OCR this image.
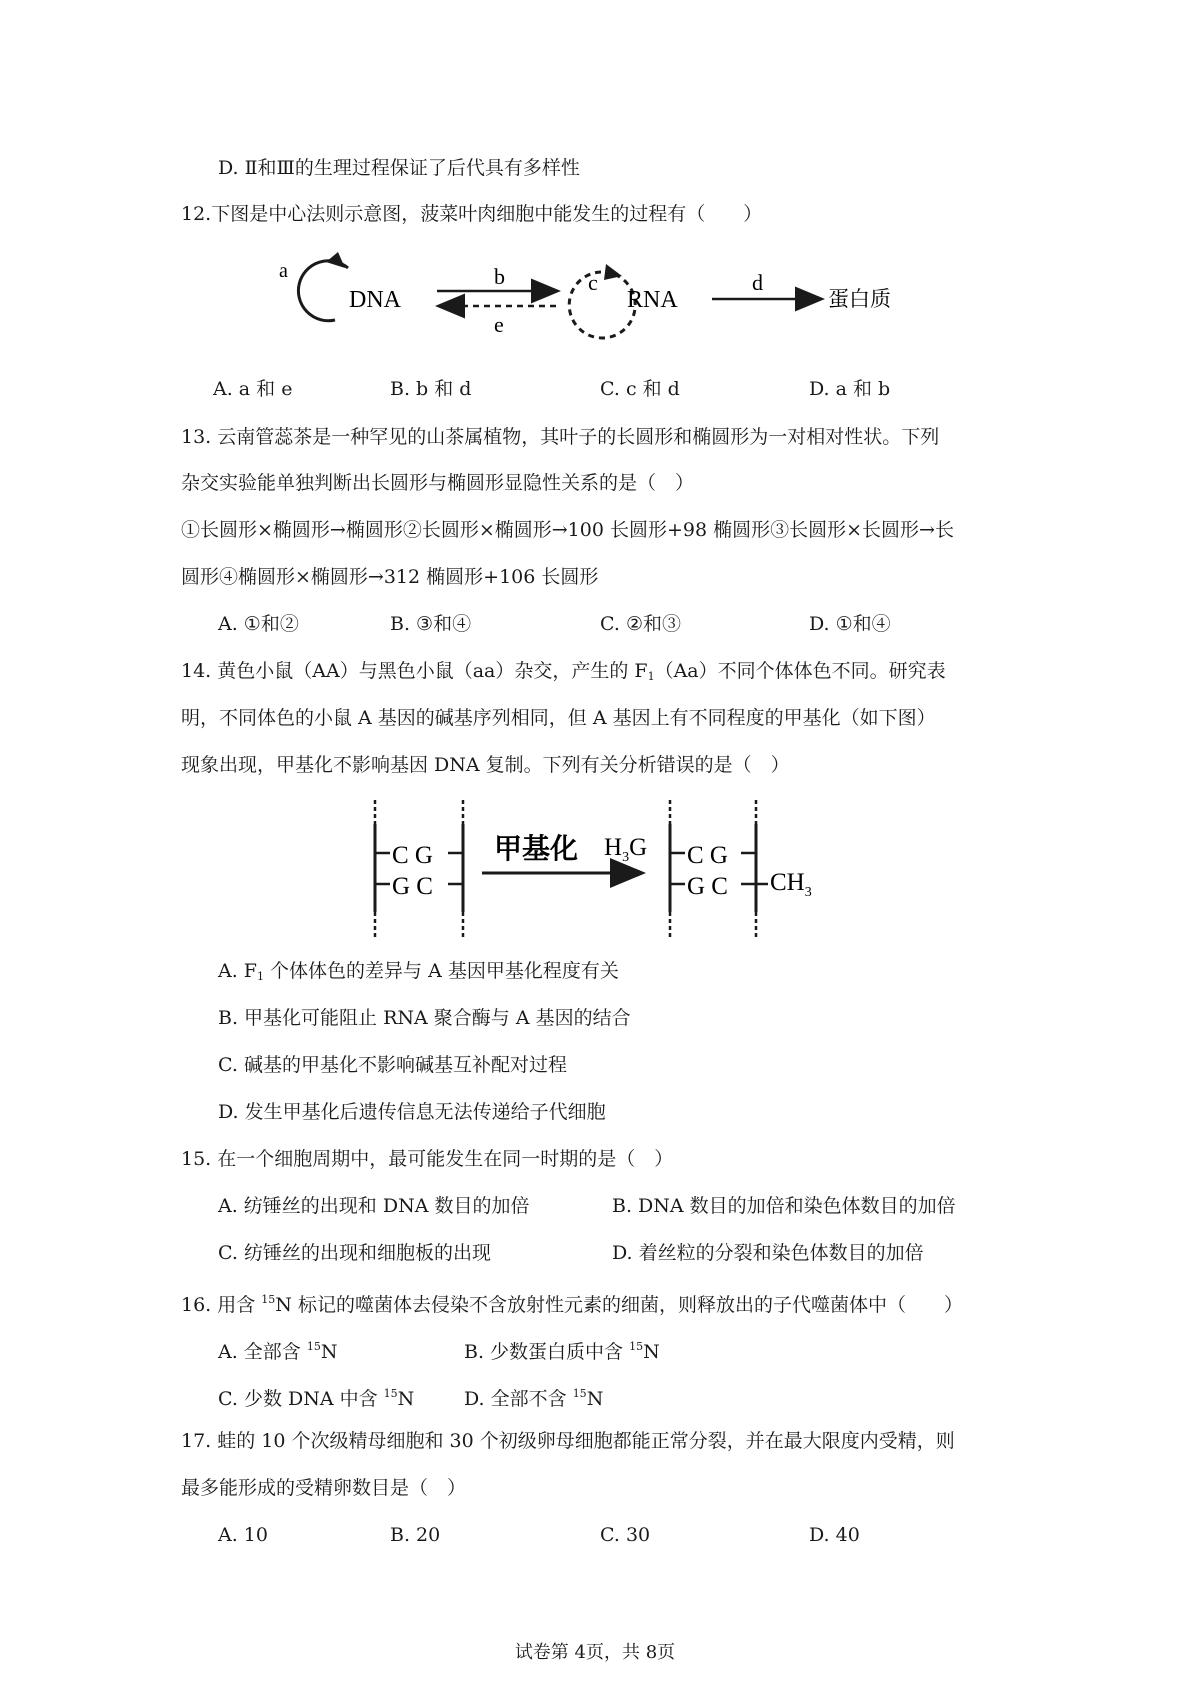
D. Ⅱ和Ⅲ的生理过程保证了后代具有多样性
12.下图是中心法则示意图，菠菜叶肉细胞中能发生的过程有（　　）
a
DNA
b
e
c
RNA
d
蛋白质
C G
G C
甲基化 $H_3G$ C G
G C $CH_3$
A. a 和 e	B. b 和 d	C. c 和 d	D. a 和 b
13. 云南管蕊茶是一种罕见的山茶属植物，其叶子的长圆形和椭圆形为一对相对性状。下列
杂交实验能单独判断出长圆形与椭圆形显隐性关系的是（　）
①长圆形×椭圆形→椭圆形②长圆形×椭圆形→100 长圆形+98 椭圆形③长圆形×长圆形→长
圆形④椭圆形×椭圆形→312 椭圆形+106 长圆形
A. ①和②	B. ③和④	C. ②和③	D. ①和④
14. 黄色小鼠（AA）与黑色小鼠（aa）杂交，产生的 $F_1(Aa)$不同个体体色不同。研究表
明，不同体色的小鼠 A 基因的碱基序列相同，但 A 基因上有不同程度的甲基化（如下图）
现象出现，甲基化不影响基因 DNA 复制。下列有关分析错误的是（　）
A. $F_1$ 个体体色的差异与 A 基因甲基化程度有关
B. 甲基化可能阻止 RNA 聚合酶与 A 基因的结合
C. 碱基的甲基化不影响碱基互补配对过程
D. 发生甲基化后遗传信息无法传递给子代细胞
15. 在一个细胞周期中，最可能发生在同一时期的是（　）
A. 纺锤丝的出现和 DNA 数目的加倍	B. DNA 数目的加倍和染色体数目的加倍
C. 纺锤丝的出现和细胞板的出现	D. 着丝粒的分裂和染色体数目的加倍
16. 用含 $^{15}$N 标记的噬菌体去侵染不含放射性元素的细菌，则释放出的子代噬菌体中（　　）
A. 全部含 $^{15}$N	B. 少数蛋白质中含 $^{15}$N
C. 少数 DNA 中含 $^{15}$N	D. 全部不含 $^{15}$N
17. 蛙的 10 个次级精母细胞和 30 个初级卵母细胞都能正常分裂，并在最大限度内受精，则
最多能形成的受精卵数目是（　）
A. 10	B. 20	C. 30	D. 40
试卷第 4页，共 8页
